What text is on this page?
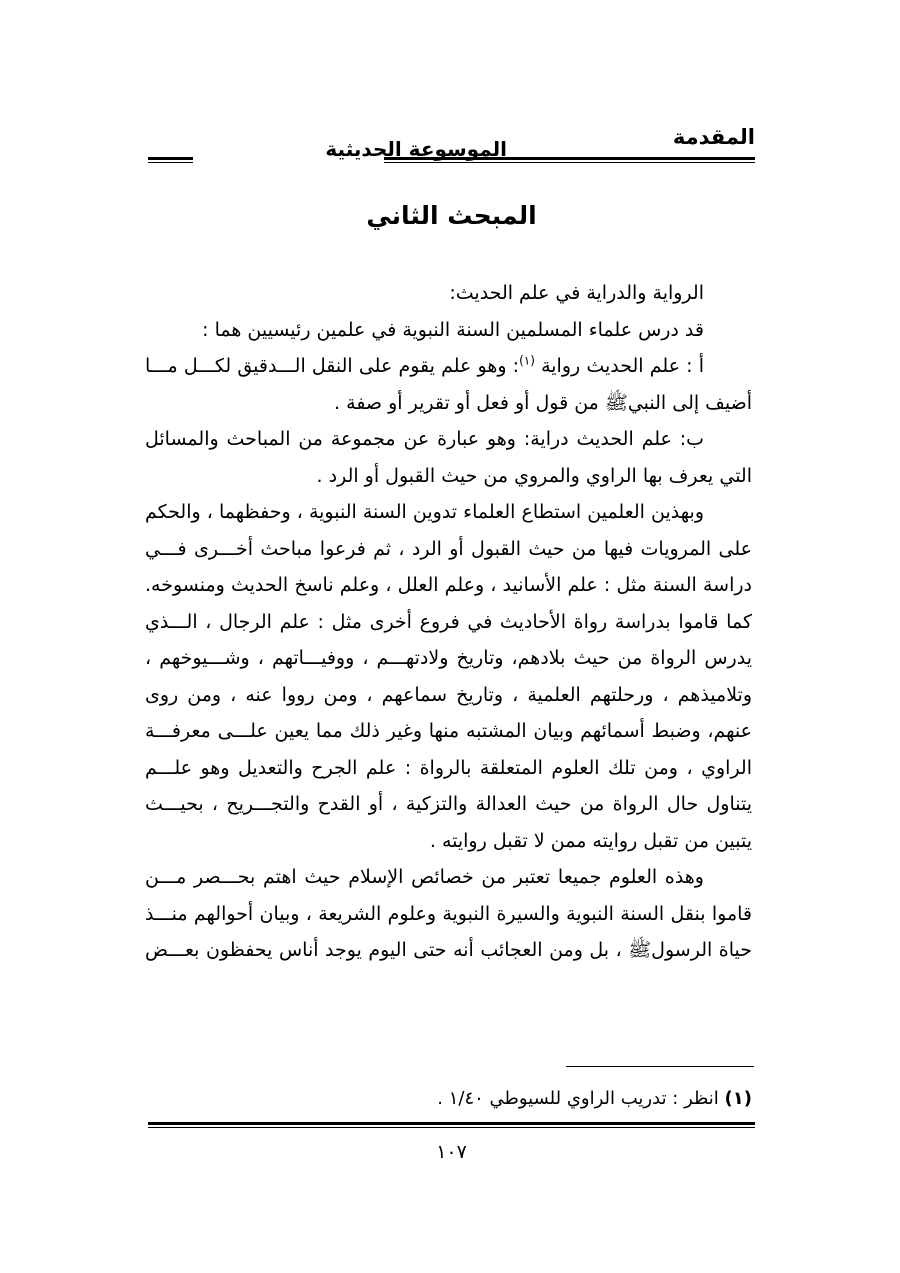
المقدمة
الموسوعة الحديثية
المبحث الثاني
الرواية والدراية في علم الحديث:
قد درس علماء المسلمين السنة النبوية في علمين رئيسيين هما :
أ : علم الحديث رواية $^{(١)}$: وهو علم يقوم على النقل الـــدقيق لكـــل مـــا
أضيف إلى النبيﷺ من قول أو فعل أو تقرير أو صفة .
ب: علم الحديث دراية: وهو عبارة عن مجموعة من المباحث والمسائل
التي يعرف بها الراوي والمروي من حيث القبول أو الرد .
وبهذين العلمين استطاع العلماء تدوين السنة النبوية ، وحفظهما ، والحكم
على المرويات فيها من حيث القبول أو الرد ، ثم فرعوا مباحث أخـــرى فـــي
دراسة السنة مثل : علم الأسانيد ، وعلم العلل ، وعلم ناسخ الحديث ومنسوخه.
كما قاموا بدراسة رواة الأحاديث في فروع أخرى مثل : علم الرجال ، الـــذي
يدرس الرواة من حيث بلادهم، وتاريخ ولادتهـــم ، ووفيـــاتهم ، وشـــيوخهم ،
وتلاميذهم ، ورحلتهم العلمية ، وتاريخ سماعهم ، ومن رووا عنه ، ومن روى
عنهم، وضبط أسمائهم وبيان المشتبه منها وغير ذلك مما يعين علـــى معرفـــة
الراوي ، ومن تلك العلوم المتعلقة بالرواة : علم الجرح والتعديل وهو علـــم
يتناول حال الرواة من حيث العدالة والتزكية ، أو القدح والتجـــريح ، بحيـــث
يتبين من تقبل روايته ممن لا تقبل روايته .
وهذه العلوم جميعا تعتبر من خصائص الإسلام حيث اهتم بحـــصر مـــن
قاموا بنقل السنة النبوية والسيرة النبوية وعلوم الشريعة ، وبيان أحوالهم منـــذ
حياة الرسولﷺ ، بل ومن العجائب أنه حتى اليوم يوجد أناس يحفظون بعـــض
(١) انظر : تدريب الراوي للسيوطي ١/٤٠ .
١٠٧
